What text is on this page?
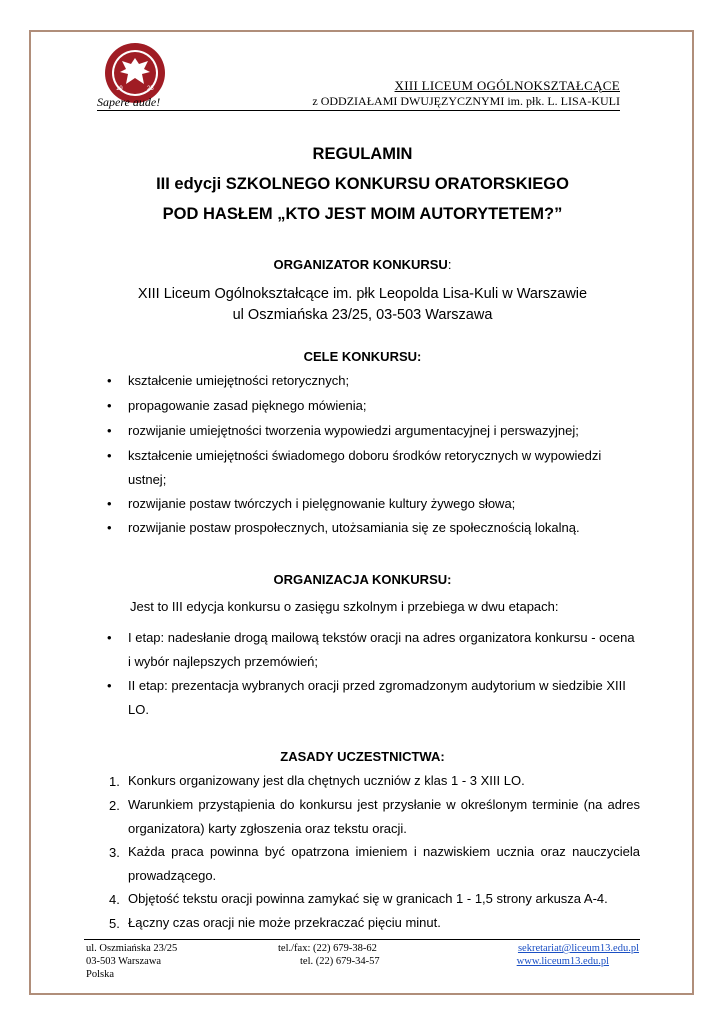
19	25
Sapere aude!
XIII LICEUM OGÓLNOKSZTAŁCĄCE
z ODDZIAŁAMI DWUJĘZYCZNYMI im. płk. L. LISA-KULI
REGULAMIN
III edycji SZKOLNEGO KONKURSU ORATORSKIEGO
POD HASŁEM „KTO JEST MOIM AUTORYTETEM?”
ORGANIZATOR KONKURSU:
XIII Liceum Ogólnokształcące im. płk Leopolda Lisa-Kuli w Warszawie
ul Oszmiańska 23/25, 03-503 Warszawa
CELE KONKURSU:
• kształcenie umiejętności retorycznych;
• propagowanie zasad pięknego mówienia;
• rozwijanie umiejętności tworzenia wypowiedzi argumentacyjnej i perswazyjnej;
• kształcenie umiejętności świadomego doboru środków retorycznych w wypowiedzi ustnej;
• rozwijanie postaw twórczych i pielęgnowanie kultury żywego słowa;
• rozwijanie postaw prospołecznych, utożsamiania się ze społecznością lokalną.
ORGANIZACJA KONKURSU:
Jest to III edycja konkursu o zasięgu szkolnym i przebiega w dwu etapach:
• I etap: nadesłanie drogą mailową tekstów oracji na adres organizatora konkursu - ocena i wybór najlepszych przemówień;
• II etap: prezentacja wybranych oracji przed zgromadzonym audytorium w siedzibie XIII LO.
ZASADY UCZESTNICTWA:
1. Konkurs organizowany jest dla chętnych uczniów z klas 1 - 3 XIII LO.
2. Warunkiem przystąpienia do konkursu jest przysłanie w określonym terminie (na adres organizatora) karty zgłoszenia oraz tekstu oracji.
3. Każda praca powinna być opatrzona imieniem i nazwiskiem ucznia oraz nauczyciela prowadzącego.
4. Objętość tekstu oracji powinna zamykać się w granicach 1 - 1,5 strony arkusza A-4.
5. Łączny czas oracji nie może przekraczać pięciu minut.
ul. Oszmiańska 23/25
03-503 Warszawa
Polska
tel./fax: (22) 679-38-62
tel. (22) 679-34-57
sekretariat@liceum13.edu.pl
www.liceum13.edu.pl
